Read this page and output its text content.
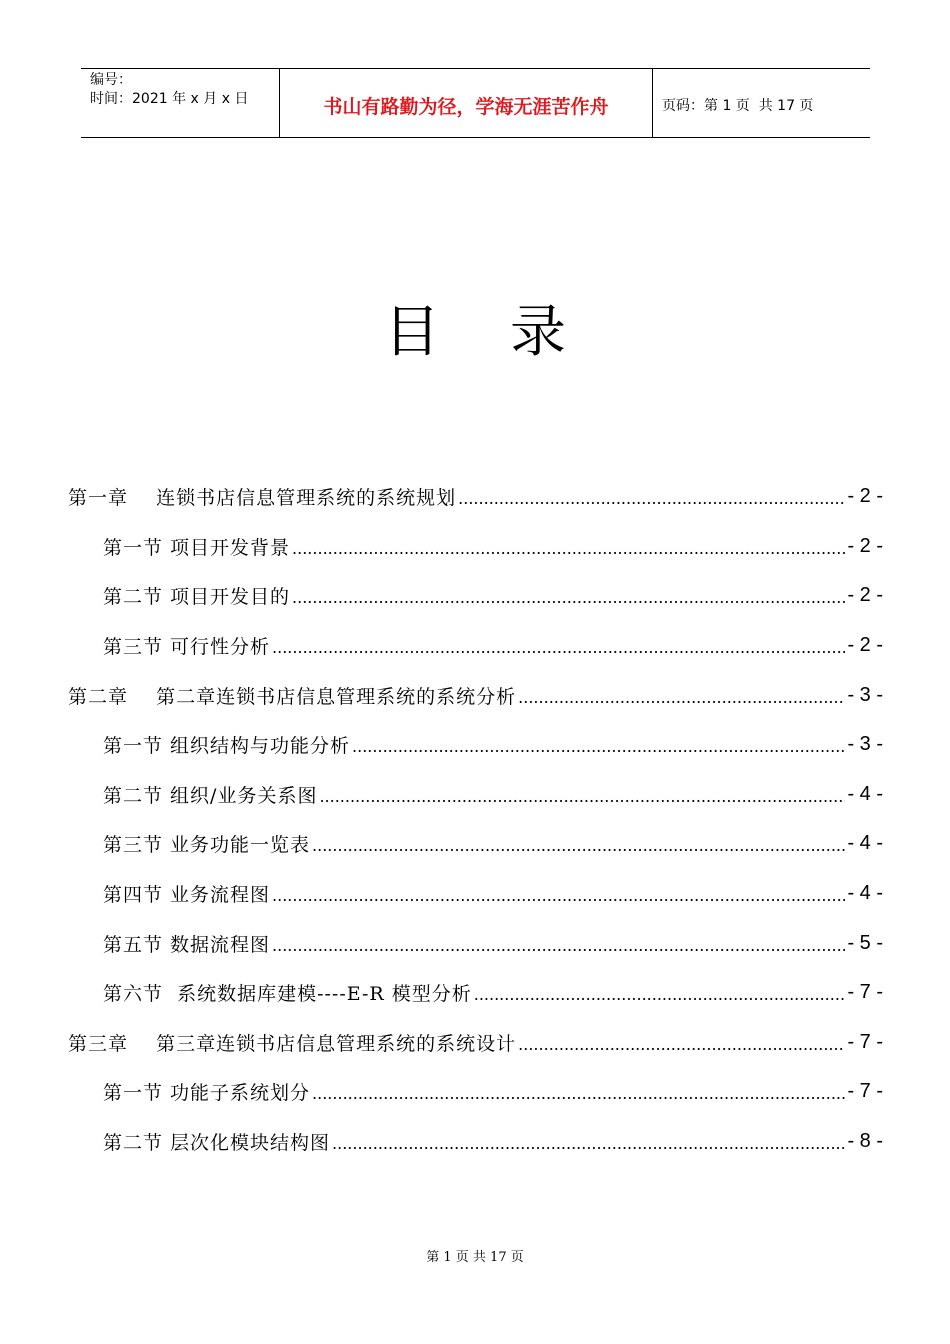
编号：
时间：2021 年 x 月 x 日	书山有路勤为径，学海无涯苦作舟	页码：第 1 页  共 17 页
目 录
第一章    连锁书店信息管理系统的系统规划 .....	- 2 -
第一节 项目开发背景 .....	- 2 -
第二节 项目开发目的 .....	- 2 -
第三节 可行性分析 .....	- 2 -
第二章    第二章连锁书店信息管理系统的系统分析 .....	- 3 -
第一节 组织结构与功能分析 .....	- 3 -
第二节 组织/业务关系图 .....	- 4 -
第三节 业务功能一览表 .....	- 4 -
第四节 业务流程图 .....	- 4 -
第五节 数据流程图 .....	- 5 -
第六节  系统数据库建模----E-R 模型分析 .....	- 7 -
第三章    第三章连锁书店信息管理系统的系统设计 .....	- 7 -
第一节 功能子系统划分 .....	- 7 -
第二节 层次化模块结构图 .....	- 8 -
第 1 页 共 17 页
